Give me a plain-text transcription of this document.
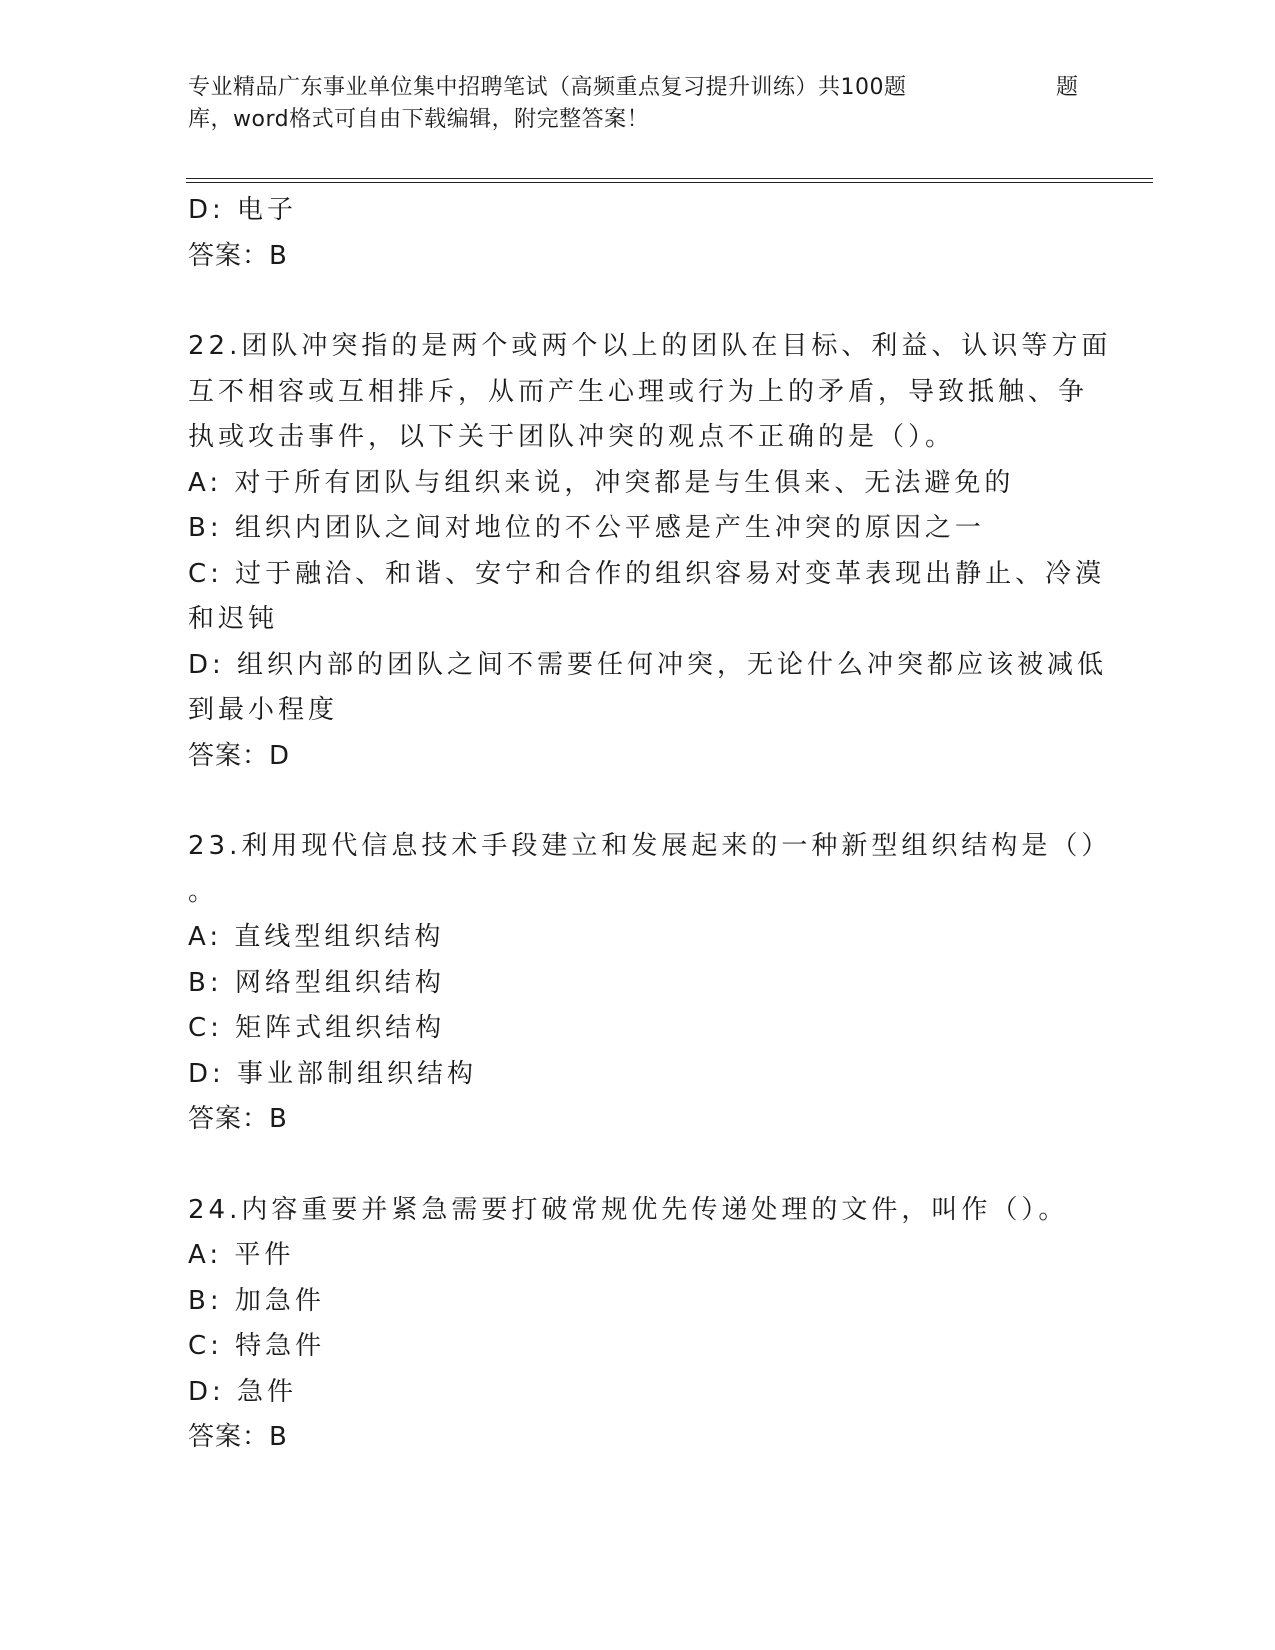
专业精品广东事业单位集中招聘笔试（高频重点复习提升训练）共100题	题
库，word格式可自由下载编辑，附完整答案！

D: 电子

答案：B

22.团队冲突指的是两个或两个以上的团队在目标、利益、认识等方面

互不相容或互相排斥，从而产生心理或行为上的矛盾，导致抵触、争

执或攻击事件，以下关于团队冲突的观点不正确的是（）。

A: 对于所有团队与组织来说，冲突都是与生俱来、无法避免的

B: 组织内团队之间对地位的不公平感是产生冲突的原因之一

C: 过于融洽、和谐、安宁和合作的组织容易对变革表现出静止、冷漠

和迟钝

D: 组织内部的团队之间不需要任何冲突，无论什么冲突都应该被减低

到最小程度

答案：D

23.利用现代信息技术手段建立和发展起来的一种新型组织结构是（）

。

A: 直线型组织结构

B: 网络型组织结构

C: 矩阵式组织结构

D: 事业部制组织结构

答案：B

24.内容重要并紧急需要打破常规优先传递处理的文件，叫作（）。

A: 平件

B: 加急件

C: 特急件

D: 急件

答案：B
